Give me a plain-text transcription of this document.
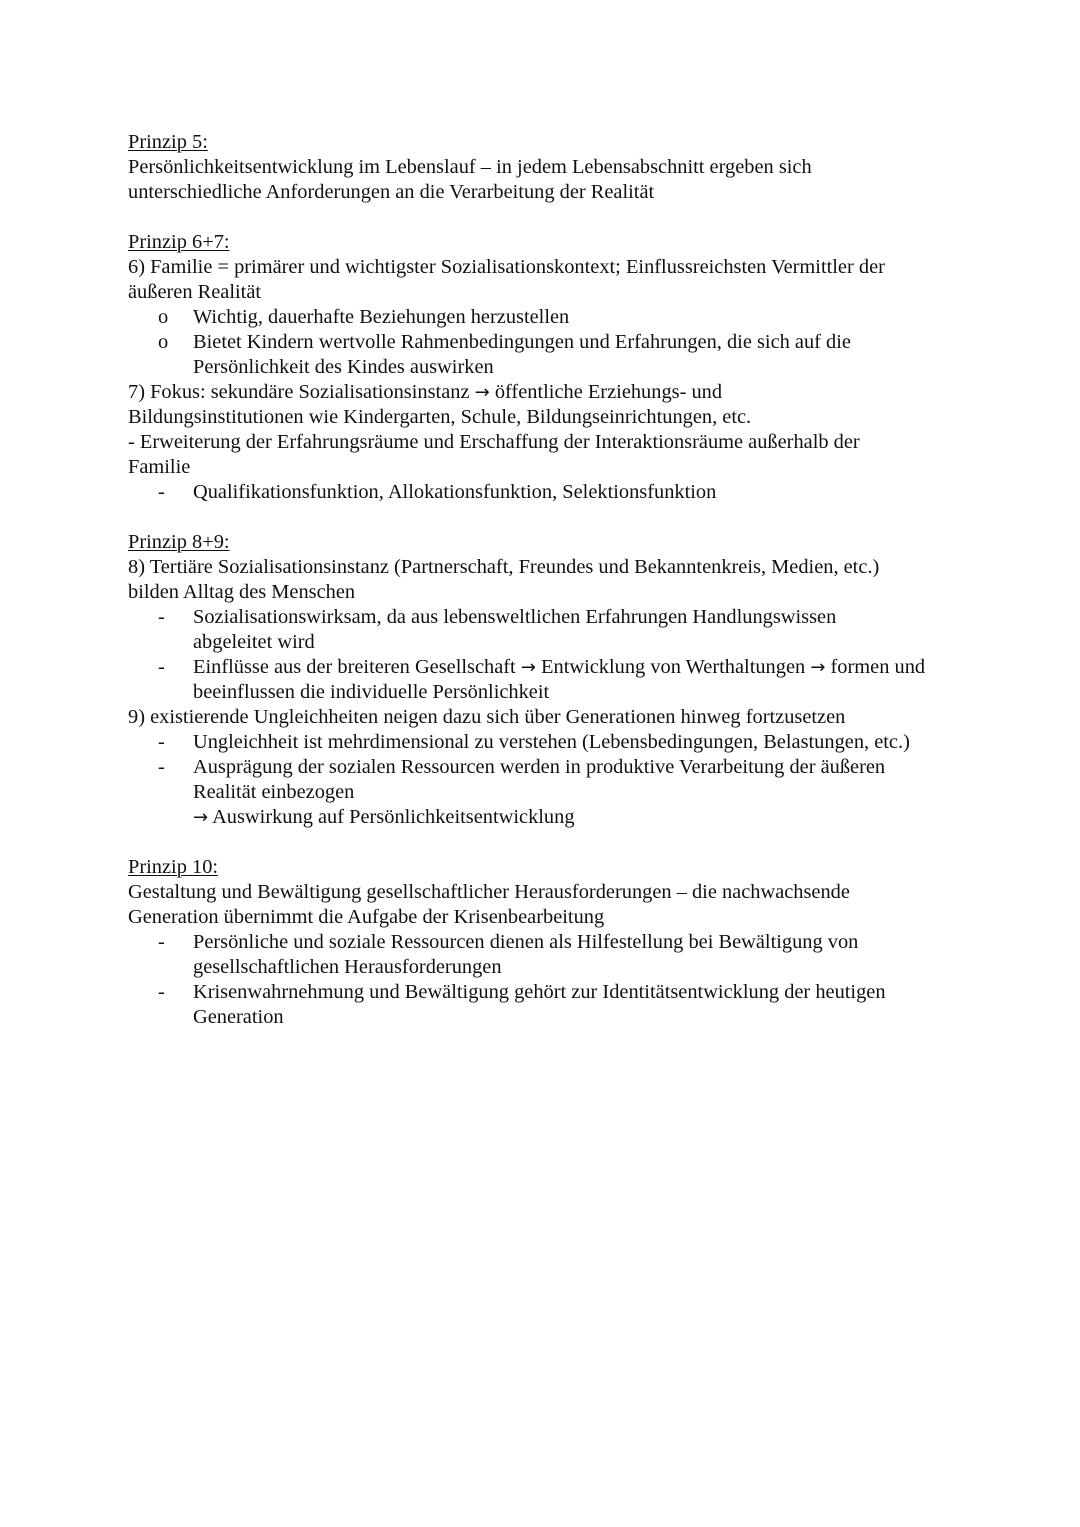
Prinzip 5:
Persönlichkeitsentwicklung im Lebenslauf – in jedem Lebensabschnitt ergeben sich unterschiedliche Anforderungen an die Verarbeitung der Realität
Prinzip 6+7:
6) Familie = primärer und wichtigster Sozialisationskontext; Einflussreichsten Vermittler der
äußeren Realität
o	Wichtig, dauerhafte Beziehungen herzustellen
o	Bietet Kindern wertvolle Rahmenbedingungen und Erfahrungen, die sich auf die Persönlichkeit des Kindes auswirken
7) Fokus: sekundäre Sozialisationsinstanz → öffentliche Erziehungs- und
Bildungsinstitutionen wie Kindergarten, Schule, Bildungseinrichtungen, etc.
- Erweiterung der Erfahrungsräume und Erschaffung der Interaktionsräume außerhalb der
Familie
-	Qualifikationsfunktion, Allokationsfunktion, Selektionsfunktion
Prinzip 8+9:
8) Tertiäre Sozialisationsinstanz (Partnerschaft, Freundes und Bekanntenkreis, Medien, etc.)
bilden Alltag des Menschen
-	Sozialisationswirksam, da aus lebensweltlichen Erfahrungen Handlungswissen abgeleitet wird
-	Einflüsse aus der breiteren Gesellschaft → Entwicklung von Werthaltungen → formen und beeinflussen die individuelle Persönlichkeit
9) existierende Ungleichheiten neigen dazu sich über Generationen hinweg fortzusetzen
-	Ungleichheit ist mehrdimensional zu verstehen (Lebensbedingungen, Belastungen, etc.)
-	Ausprägung der sozialen Ressourcen werden in produktive Verarbeitung der äußeren Realität einbezogen
→ Auswirkung auf Persönlichkeitsentwicklung
Prinzip 10:
Gestaltung und Bewältigung gesellschaftlicher Herausforderungen – die nachwachsende Generation übernimmt die Aufgabe der Krisenbearbeitung
-	Persönliche und soziale Ressourcen dienen als Hilfestellung bei Bewältigung von gesellschaftlichen Herausforderungen
-	Krisenwahrnehmung und Bewältigung gehört zur Identitätsentwicklung der heutigen Generation
